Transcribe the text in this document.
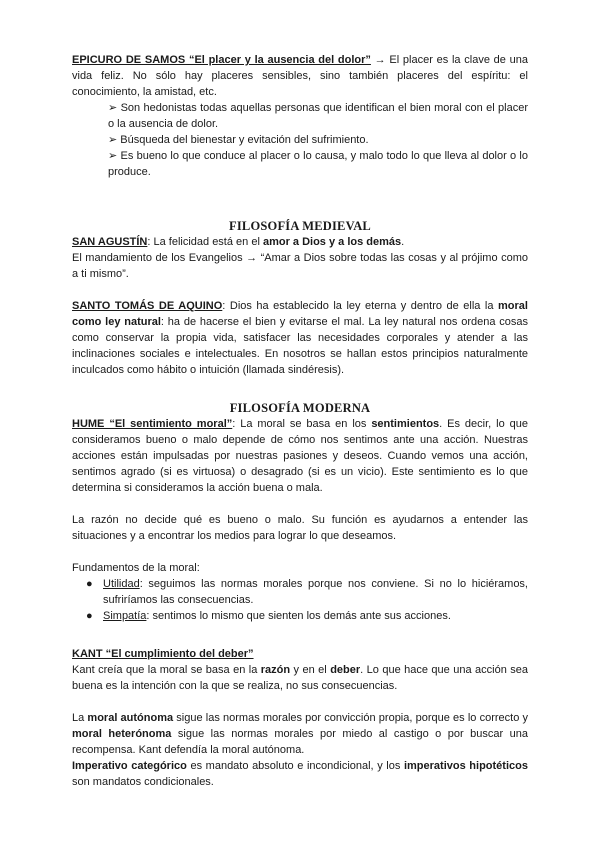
EPICURO DE SAMOS “El placer y la ausencia del dolor” → El placer es la clave de una vida feliz. No sólo hay placeres sensibles, sino también placeres del espíritu: el conocimiento, la amistad, etc.

➢ Son hedonistas todas aquellas personas que identifican el bien moral con el placer o la ausencia de dolor.

➢ Búsqueda del bienestar y evitación del sufrimiento.

➢ Es bueno lo que conduce al placer o lo causa, y malo todo lo que lleva al dolor o lo produce.

FILOSOFÍA MEDIEVAL

SAN AGUSTÍN: La felicidad está en el amor a Dios y a los demás.

El mandamiento de los Evangelios → “Amar a Dios sobre todas las cosas y al prójimo como a ti mismo”.

SANTO TOMÁS DE AQUINO: Dios ha establecido la ley eterna y dentro de ella la moral como ley natural: ha de hacerse el bien y evitarse el mal. La ley natural nos ordena cosas como conservar la propia vida, satisfacer las necesidades corporales y atender a las inclinaciones sociales e intelectuales. En nosotros se hallan estos principios naturalmente inculcados como hábito o intuición (llamada sindéresis).

FILOSOFÍA MODERNA

HUME “El sentimiento moral”: La moral se basa en los sentimientos. Es decir, lo que consideramos bueno o malo depende de cómo nos sentimos ante una acción. Nuestras acciones están impulsadas por nuestras pasiones y deseos. Cuando vemos una acción, sentimos agrado (si es virtuosa) o desagrado (si es un vicio). Este sentimiento es lo que determina si consideramos la acción buena o mala.

La razón no decide qué es bueno o malo. Su función es ayudarnos a entender las situaciones y a encontrar los medios para lograr lo que deseamos.

Fundamentos de la moral:

● Utilidad: seguimos las normas morales porque nos conviene. Si no lo hiciéramos, sufriríamos las consecuencias.

● Simpatía: sentimos lo mismo que sienten los demás ante sus acciones.

KANT “El cumplimiento del deber”

Kant creía que la moral se basa en la razón y en el deber. Lo que hace que una acción sea buena es la intención con la que se realiza, no sus consecuencias.

La moral autónoma sigue las normas morales por convicción propia, porque es lo correcto y moral heterónoma sigue las normas morales por miedo al castigo o por buscar una recompensa. Kant defendía la moral autónoma.

Imperativo categórico es mandato absoluto e incondicional, y los imperativos hipotéticos son mandatos condicionales.
